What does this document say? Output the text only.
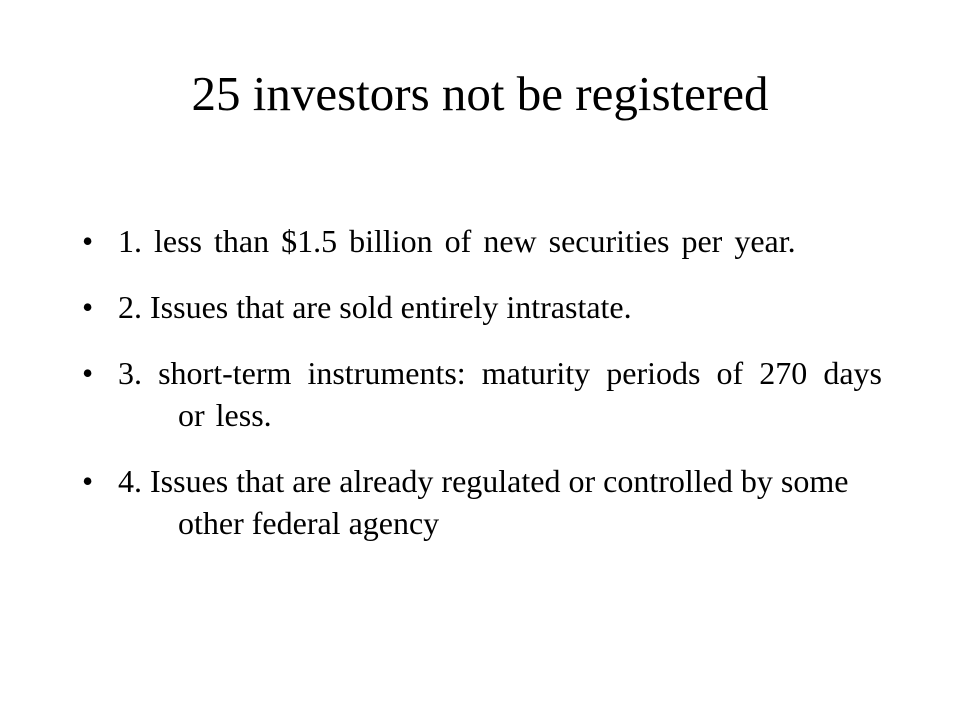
25 investors not be registered
• 1. less than $1.5 billion of new securities per year.
• 2. Issues that are sold entirely intrastate.
• 3. short-term instruments: maturity periods of 270 days or less.
• 4. Issues that are already regulated or controlled by some other federal agency
